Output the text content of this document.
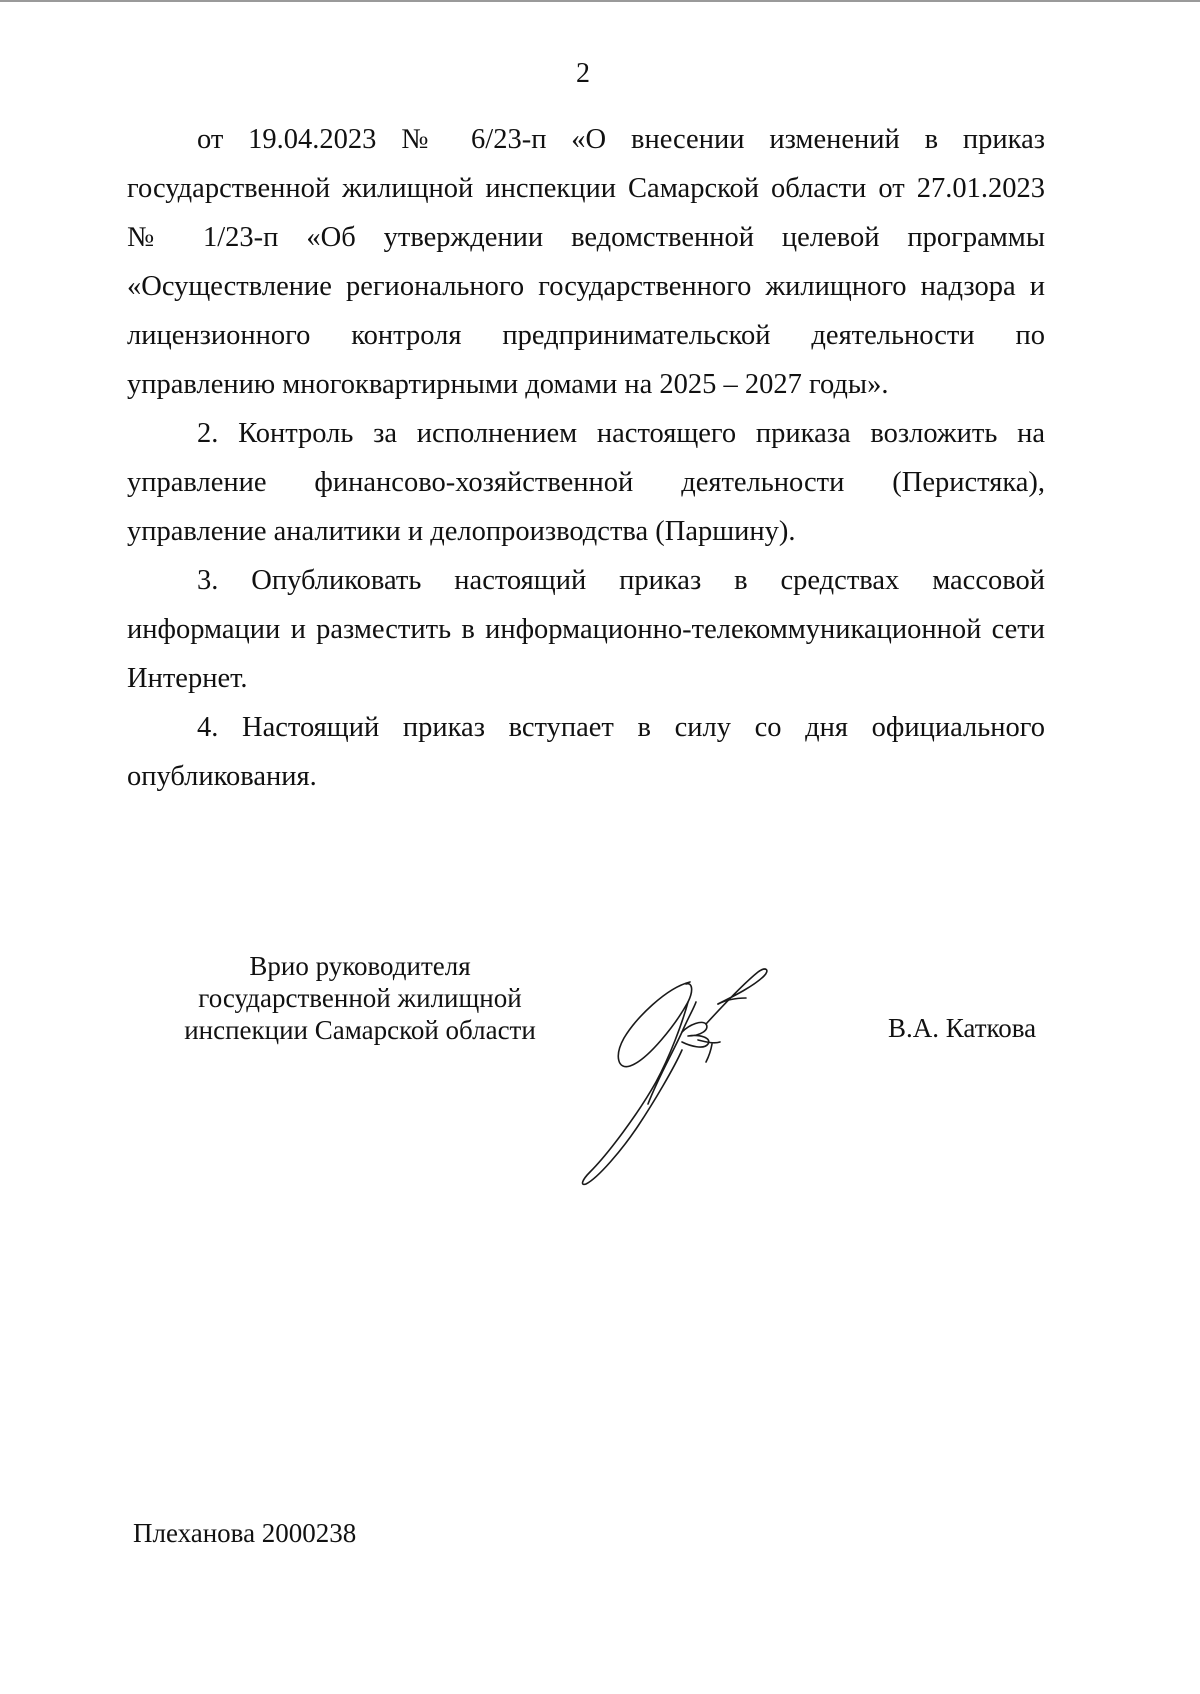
2

от 19.04.2023 № 6/23-п «О внесении изменений в приказ государственной жилищной инспекции Самарской области от 27.01.2023 № 1/23-п «Об утверждении ведомственной целевой программы «Осуществление регионального государственного жилищного надзора и лицензионного контроля предпринимательской деятельности по управлению многоквартирными домами на 2025 – 2027 годы».

2. Контроль за исполнением настоящего приказа возложить на управление финансово-хозяйственной деятельности (Перистяка), управление аналитики и делопроизводства (Паршину).

3. Опубликовать настоящий приказ в средствах массовой информации и разместить в информационно-телекоммуникационной сети Интернет.

4. Настоящий приказ вступает в силу со дня официального опубликования.

Врио руководителя
государственной жилищной
инспекции Самарской области	В.А. Каткова
Плеханова 2000238
